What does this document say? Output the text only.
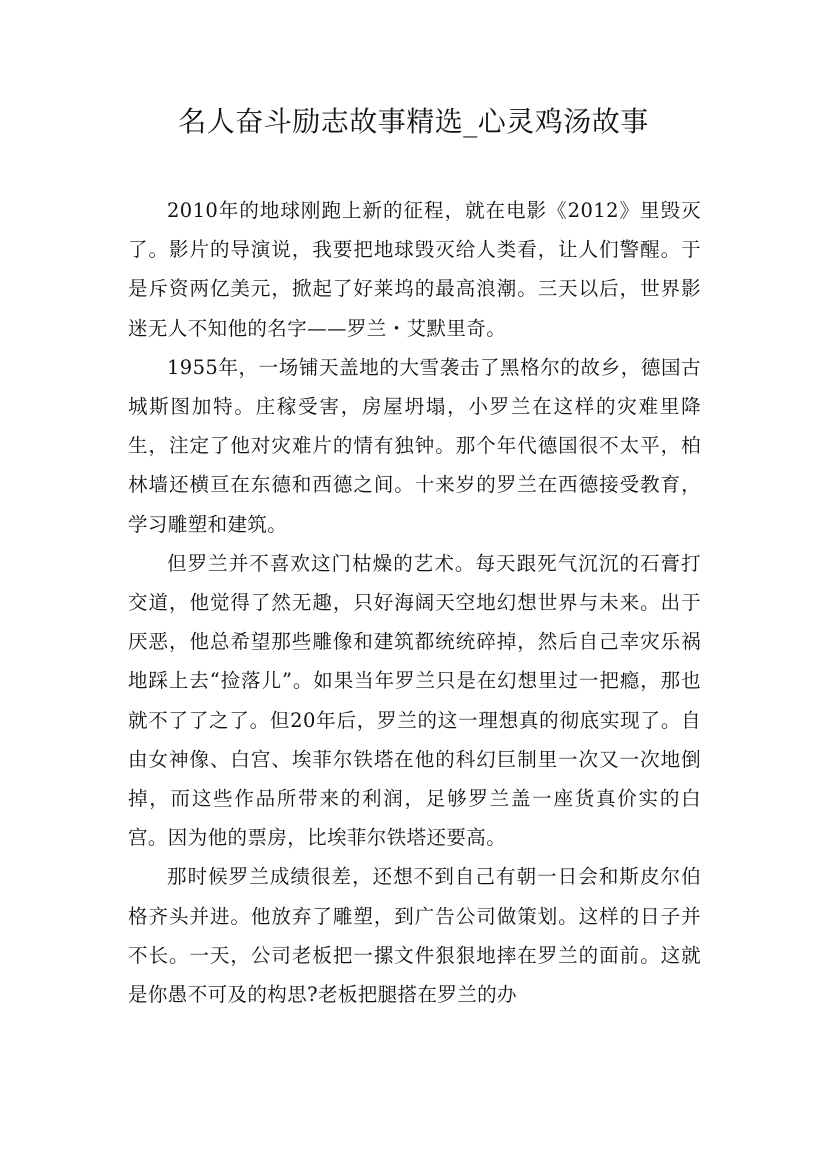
名人奋斗励志故事精选_心灵鸡汤故事

2010年的地球刚跑上新的征程，就在电影《2012》里毁灭了。影片的导演说，我要把地球毁灭给人类看，让人们警醒。于是斥资两亿美元，掀起了好莱坞的最高浪潮。三天以后，世界影迷无人不知他的名字——罗兰・艾默里奇。

1955年，一场铺天盖地的大雪袭击了黑格尔的故乡，德国古城斯图加特。庄稼受害，房屋坍塌，小罗兰在这样的灾难里降生，注定了他对灾难片的情有独钟。那个年代德国很不太平，柏林墙还横亘在东德和西德之间。十来岁的罗兰在西德接受教育，学习雕塑和建筑。

但罗兰并不喜欢这门枯燥的艺术。每天跟死气沉沉的石膏打交道，他觉得了然无趣，只好海阔天空地幻想世界与未来。出于厌恶，他总希望那些雕像和建筑都统统碎掉，然后自己幸灾乐祸地踩上去“捡落儿”。如果当年罗兰只是在幻想里过一把瘾，那也就不了了之了。但20年后，罗兰的这一理想真的彻底实现了。自由女神像、白宫、埃菲尔铁塔在他的科幻巨制里一次又一次地倒掉，而这些作品所带来的利润，足够罗兰盖一座货真价实的白宫。因为他的票房，比埃菲尔铁塔还要高。

那时候罗兰成绩很差，还想不到自己有朝一日会和斯皮尔伯格齐头并进。他放弃了雕塑，到广告公司做策划。这样的日子并不长。一天，公司老板把一摞文件狠狠地摔在罗兰的面前。这就是你愚不可及的构思?老板把腿搭在罗兰的办
